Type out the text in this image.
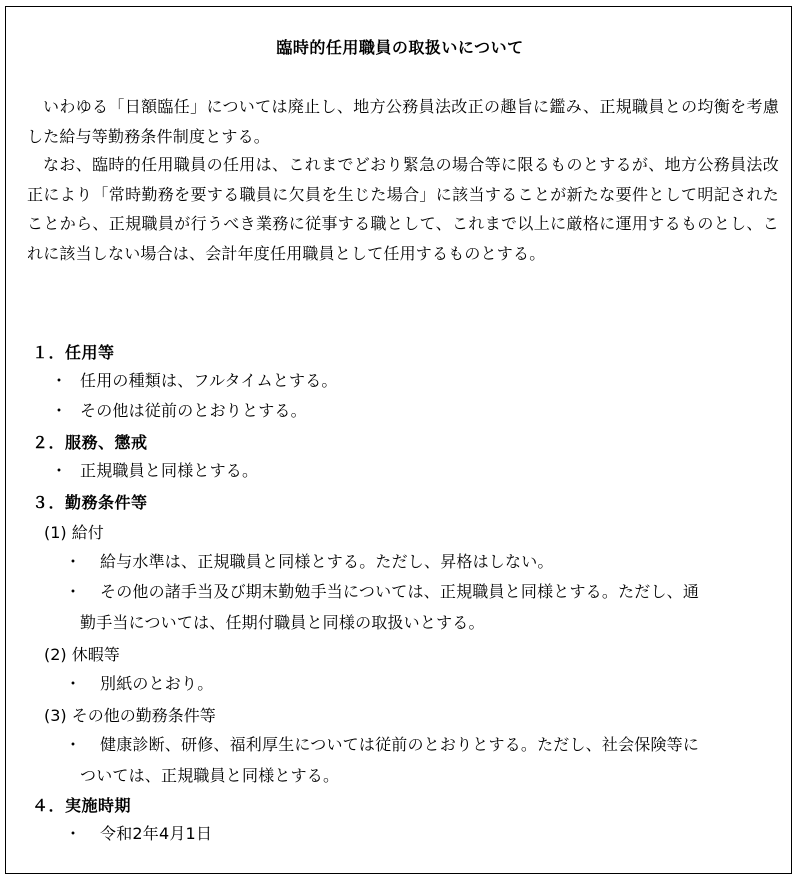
臨時的任用職員の取扱いについて

いわゆる「日額臨任」については廃止し、地方公務員法改正の趣旨に鑑み、正規職員との均衡を考慮した給与等勤務条件制度とする。

なお、臨時的任用職員の任用は、これまでどおり緊急の場合等に限るものとするが、地方公務員法改正により「常時勤務を要する職員に欠員を生じた場合」に該当することが新たな要件として明記されたことから、正規職員が行うべき業務に従事する職として、これまで以上に厳格に運用するものとし、これに該当しない場合は、会計年度任用職員として任用するものとする。

１．任用等

・ 任用の種類は、フルタイムとする。

・ その他は従前のとおりとする。

２．服務、懲戒

・ 正規職員と同様とする。

３．勤務条件等

(1) 給付

・ 給与水準は、正規職員と同様とする。ただし、昇格はしない。

・ その他の諸手当及び期末勤勉手当については、正規職員と同様とする。ただし、通
勤手当については、任期付職員と同様の取扱いとする。

(2) 休暇等

・ 別紙のとおり。

(3) その他の勤務条件等

・ 健康診断、研修、福利厚生については従前のとおりとする。ただし、社会保険等に
ついては、正規職員と同様とする。

４．実施時期

・ 令和2年4月1日
